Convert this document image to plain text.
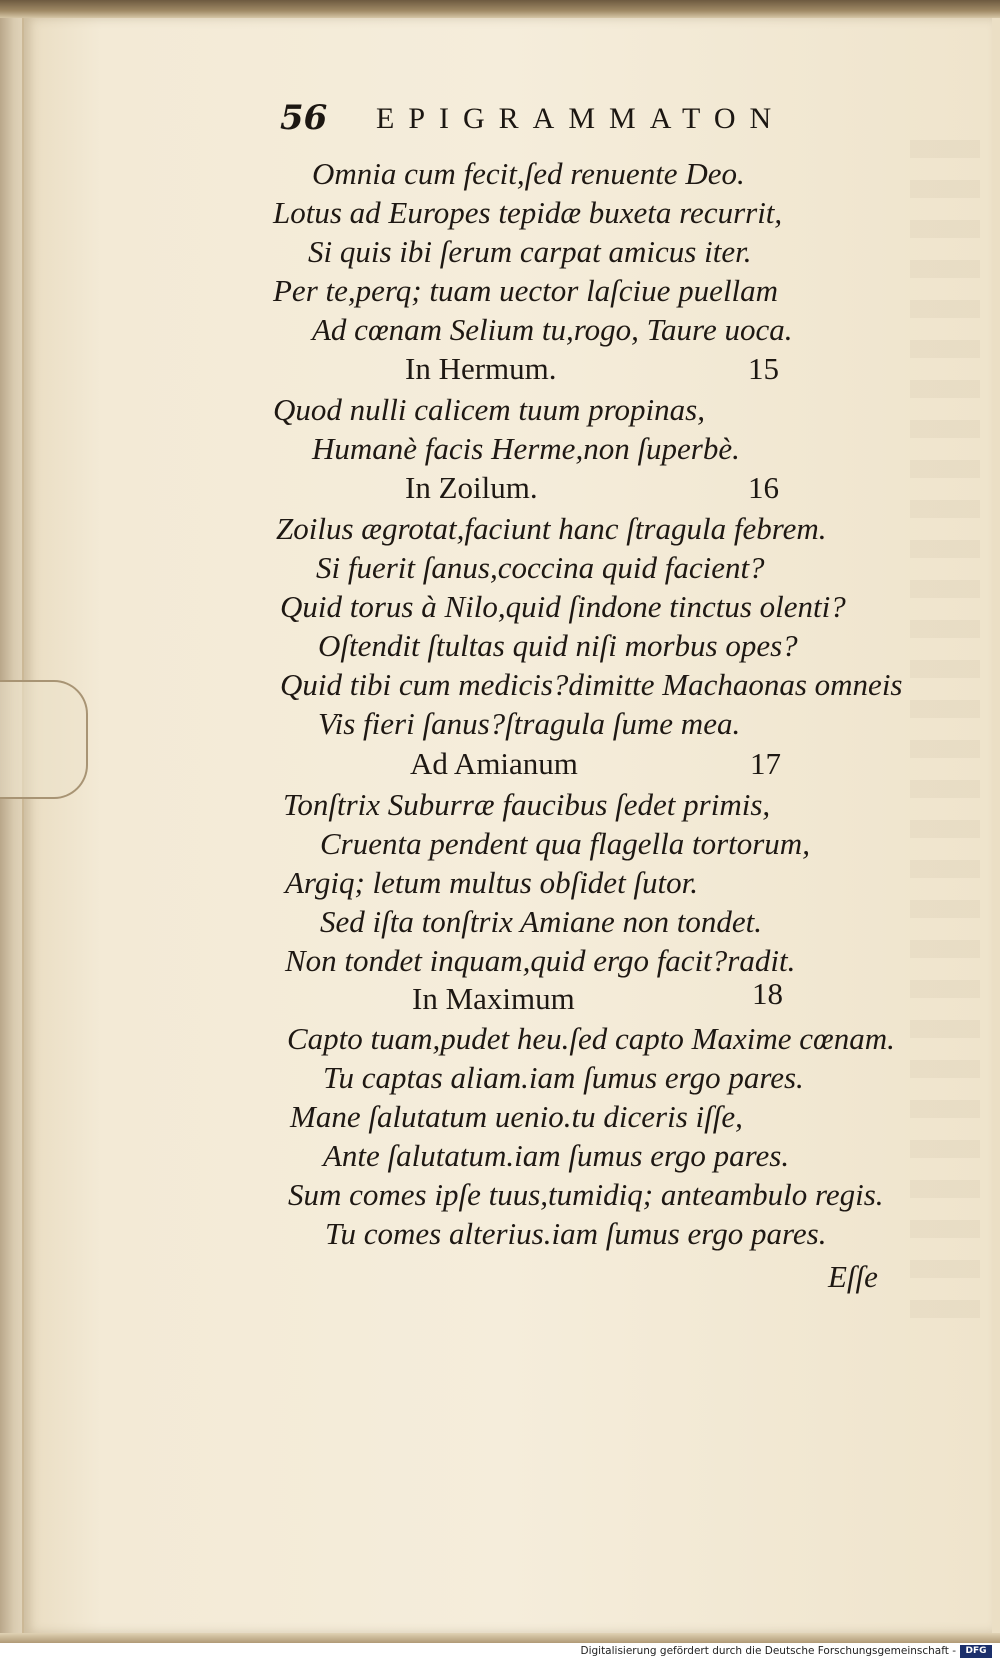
56 EPIGRAMMATON
Omnia cum fecit,ſed renuente Deo.
Lotus ad Europes tepidæ buxeta recurrit,
Si quis ibi ſerum carpat amicus iter.
Per te,perq; tuam uector laſciue puellam
Ad cœnam Selium tu,rogo, Taure uoca.
In Hermum.	15
Quod nulli calicem tuum propinas,
Humanè facis Herme,non ſuperbè.
In Zoilum.	16
Zoilus ægrotat,faciunt hanc ſtragula febrem.
Si fuerit ſanus,coccina quid facient?
Quid torus à Nilo,quid ſindone tinctus olenti?
Oſtendit ſtultas quid niſi morbus opes?
Quid tibi cum medicis?dimitte Machaonas omneis
Vis fieri ſanus?ſtragula ſume mea.
Ad Amianum	17
Tonſtrix Suburræ faucibus ſedet primis,
Cruenta pendent qua flagella tortorum,
Argiq; letum multus obſidet ſutor.
Sed iſta tonſtrix Amiane non tondet.
Non tondet inquam,quid ergo facit?radit.
In Maximum	18
Capto tuam,pudet heu.ſed capto Maxime cœnam.
Tu captas aliam.iam ſumus ergo pares.
Mane ſalutatum uenio.tu diceris iſſe,
Ante ſalutatum.iam ſumus ergo pares.
Sum comes ipſe tuus,tumidiq; anteambulo regis.
Tu comes alterius.iam ſumus ergo pares.
Eſſe
Digitalisierung gefördert durch die Deutsche Forschungsgemeinschaft -	DFG
